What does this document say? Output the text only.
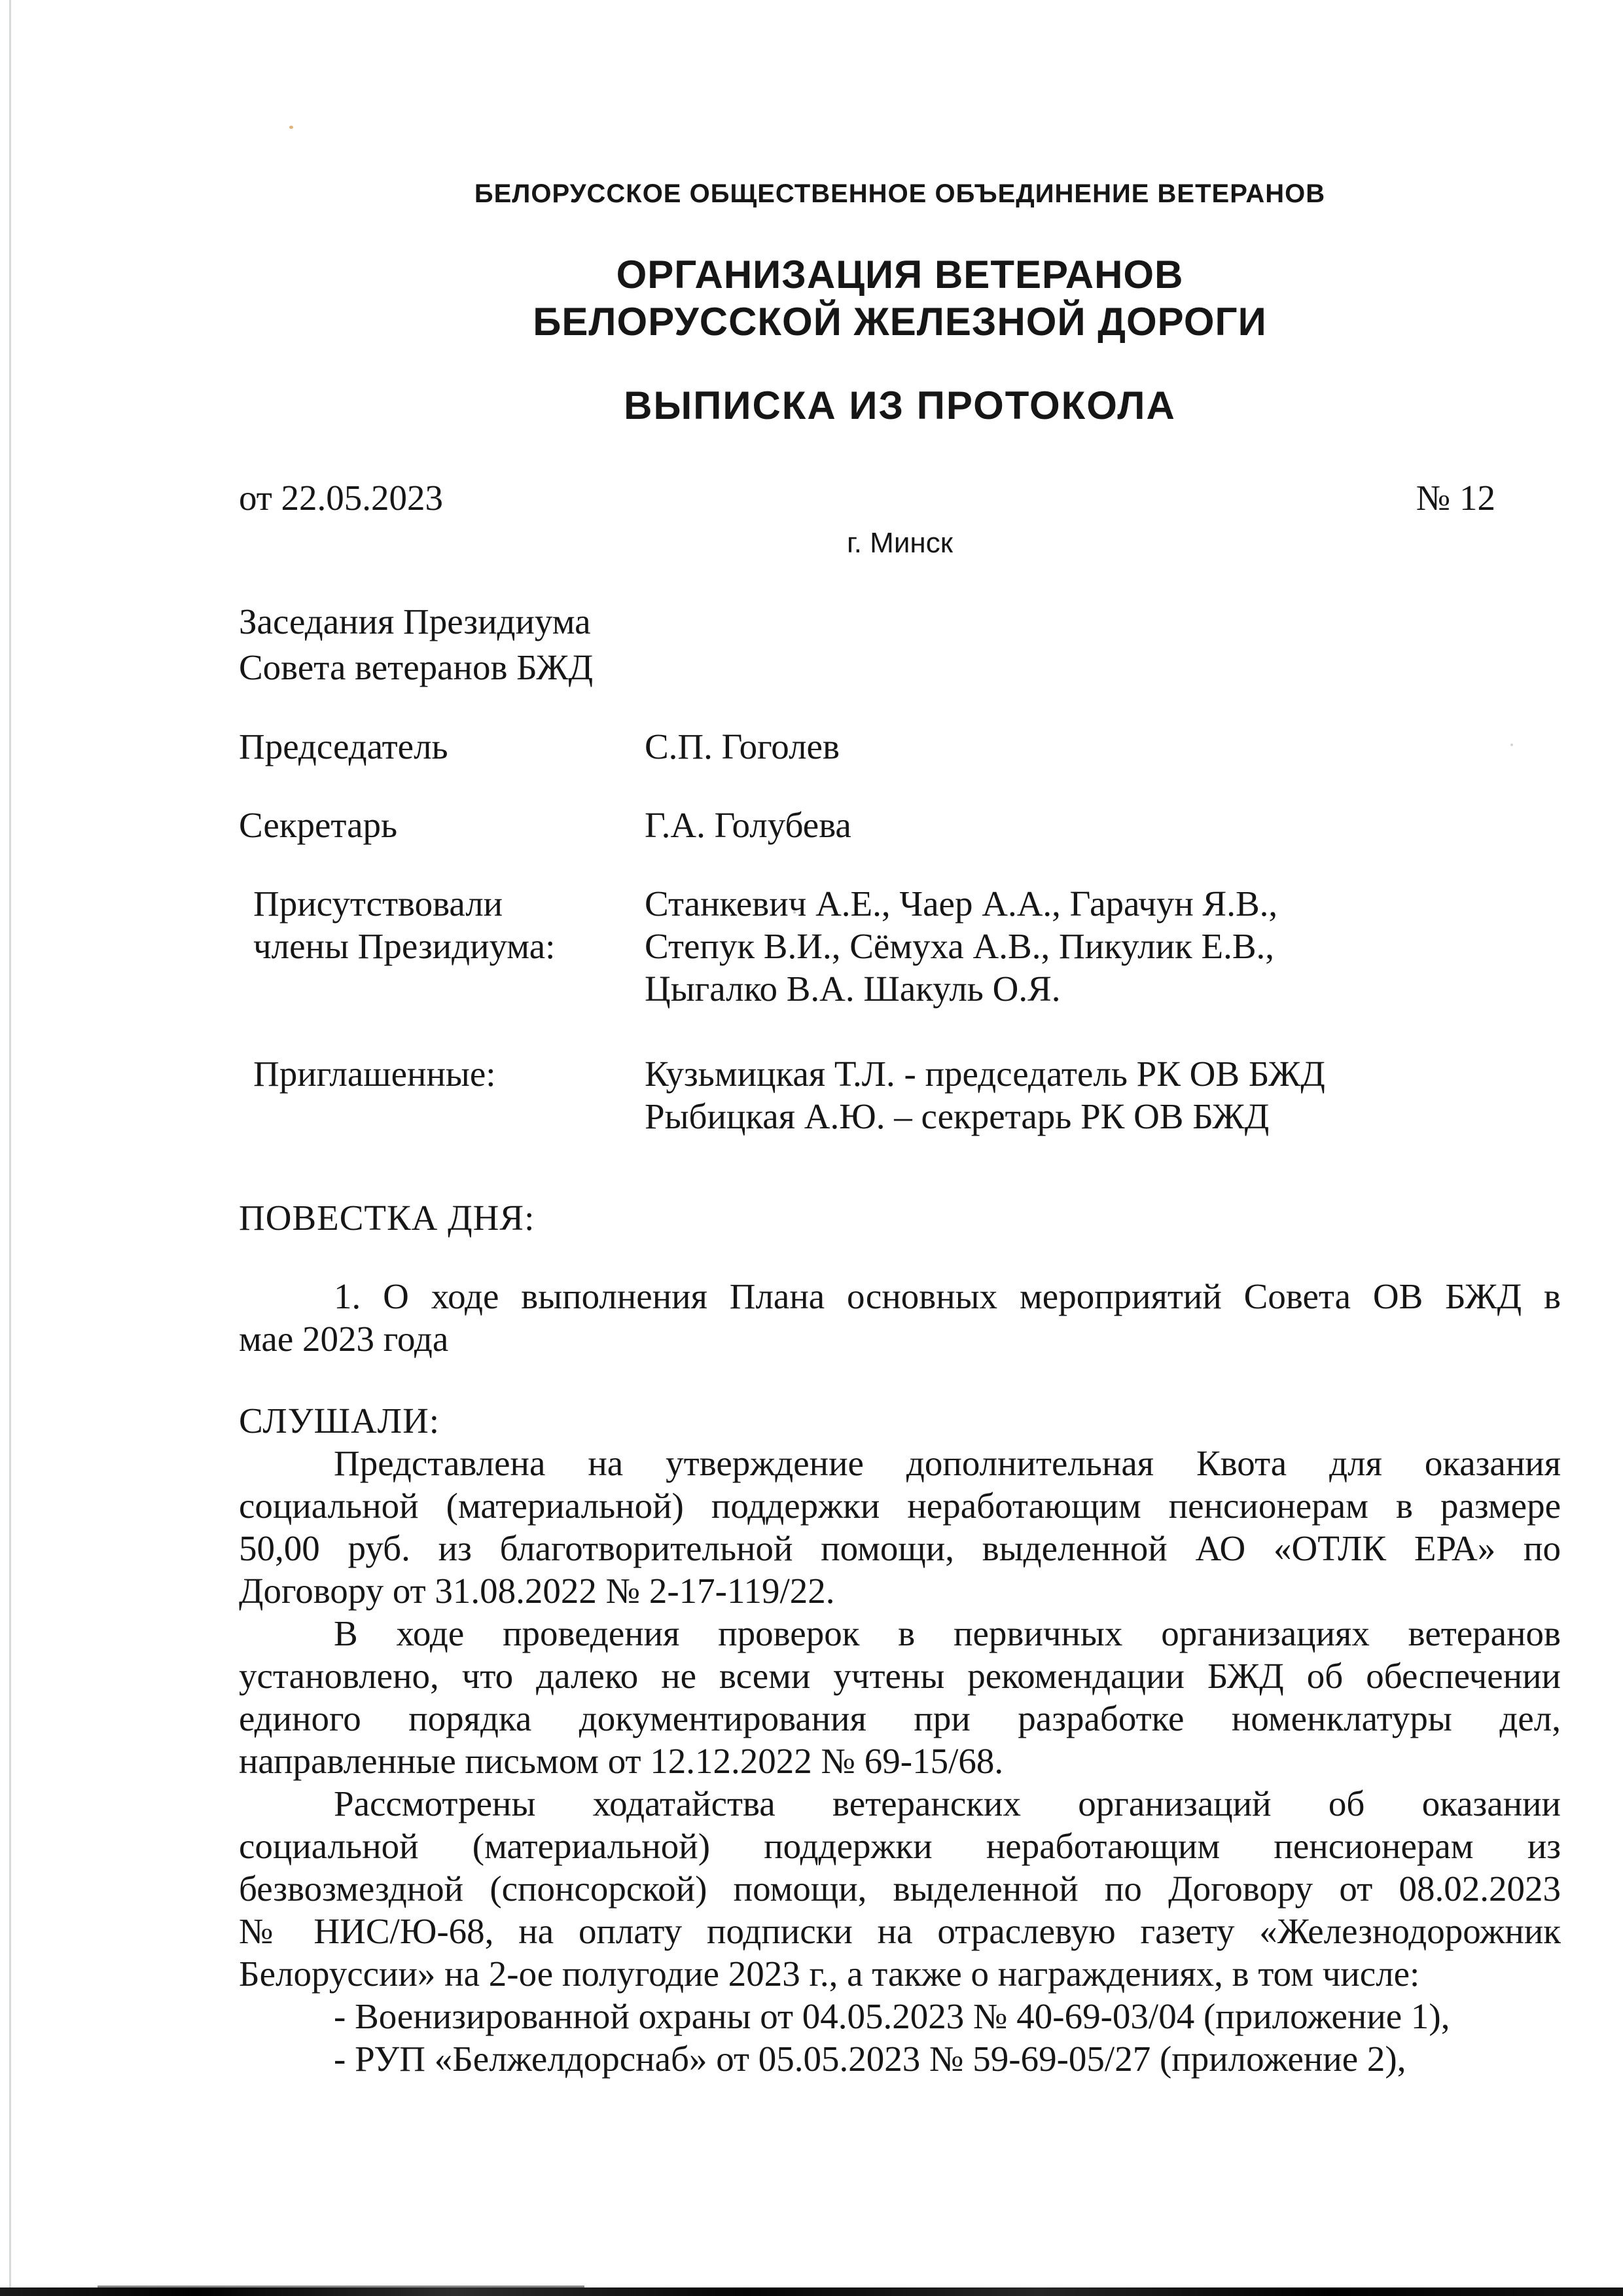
БЕЛОРУССКОЕ ОБЩЕСТВЕННОЕ ОБЪЕДИНЕНИЕ ВЕТЕРАНОВ
ОРГАНИЗАЦИЯ ВЕТЕРАНОВ
БЕЛОРУССКОЙ ЖЕЛЕЗНОЙ ДОРОГИ
ВЫПИСКА ИЗ ПРОТОКОЛА
от 22.05.2023	№ 12
г. Минск
Заседания Президиума
Совета ветеранов БЖД
Председатель	С.П. Гоголев
Секретарь	Г.А. Голубева
Присутствовали
члены Президиума:
Станкевич А.Е., Чаер А.А., Гарачун Я.В.,
Степук В.И., Сёмуха А.В., Пикулик Е.В.,
Цыгалко В.А. Шакуль О.Я.
Приглашенные:	Кузьмицкая Т.Л. - председатель РК ОВ БЖД
Рыбицкая А.Ю. – секретарь РК ОВ БЖД
ПОВЕСТКА ДНЯ:
1. О ходе выполнения Плана основных мероприятий Совета ОВ БЖД в
мае 2023 года
СЛУШАЛИ:
Представлена на утверждение дополнительная Квота для оказания
социальной (материальной) поддержки неработающим пенсионерам в размере
50,00 руб. из благотворительной помощи, выделенной АО «ОТЛК ЕРА» по
Договору от 31.08.2022 № 2-17-119/22.
В ходе проведения проверок в первичных организациях ветеранов
установлено, что далеко не всеми учтены рекомендации БЖД об обеспечении
единого порядка документирования при разработке номенклатуры дел,
направленные письмом от 12.12.2022 № 69-15/68.
Рассмотрены ходатайства ветеранских организаций об оказании
социальной (материальной) поддержки неработающим пенсионерам из
безвозмездной (спонсорской) помощи, выделенной по Договору от 08.02.2023
№ НИС/Ю-68, на оплату подписки на отраслевую газету «Железнодорожник
Белоруссии» на 2-ое полугодие 2023 г., а также о награждениях, в том числе:
- Военизированной охраны от 04.05.2023 № 40-69-03/04 (приложение 1),
- РУП «Белжелдорснаб» от 05.05.2023 № 59-69-05/27 (приложение 2),
